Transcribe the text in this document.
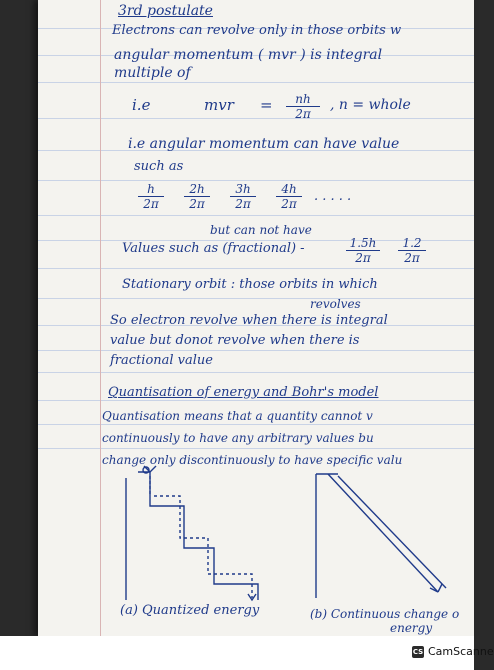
3rd postulate
Electrons can revolve only in those orbits w
angular momentum ( mvr ) is integral
multiple of
i.e	mvr = $\frac{nh}{2\pi}$ , n = whole
i.e angular momentum can have value
such as
$\frac{h}{2\pi} \frac{2h}{2\pi} \frac{3h}{2\pi} \frac{4h}{2\pi}$ . . . . .
but can not have
Values such as (fractional) -	$\frac{1.5h}{2\pi} \frac{1.2}{2\pi}$
Stationary orbit : those orbits in which
revolves
So electron revolve when there is integral
value but donot revolve when there is
fractional value
Quantisation of energy and Bohr's model
Quantisation means that a quantity cannot v
continuously to have any arbitrary values bu
change only discontinuously to have specific valu
(a) Quantized energy	(b) Continuous change o
energy
CS CamScanne
